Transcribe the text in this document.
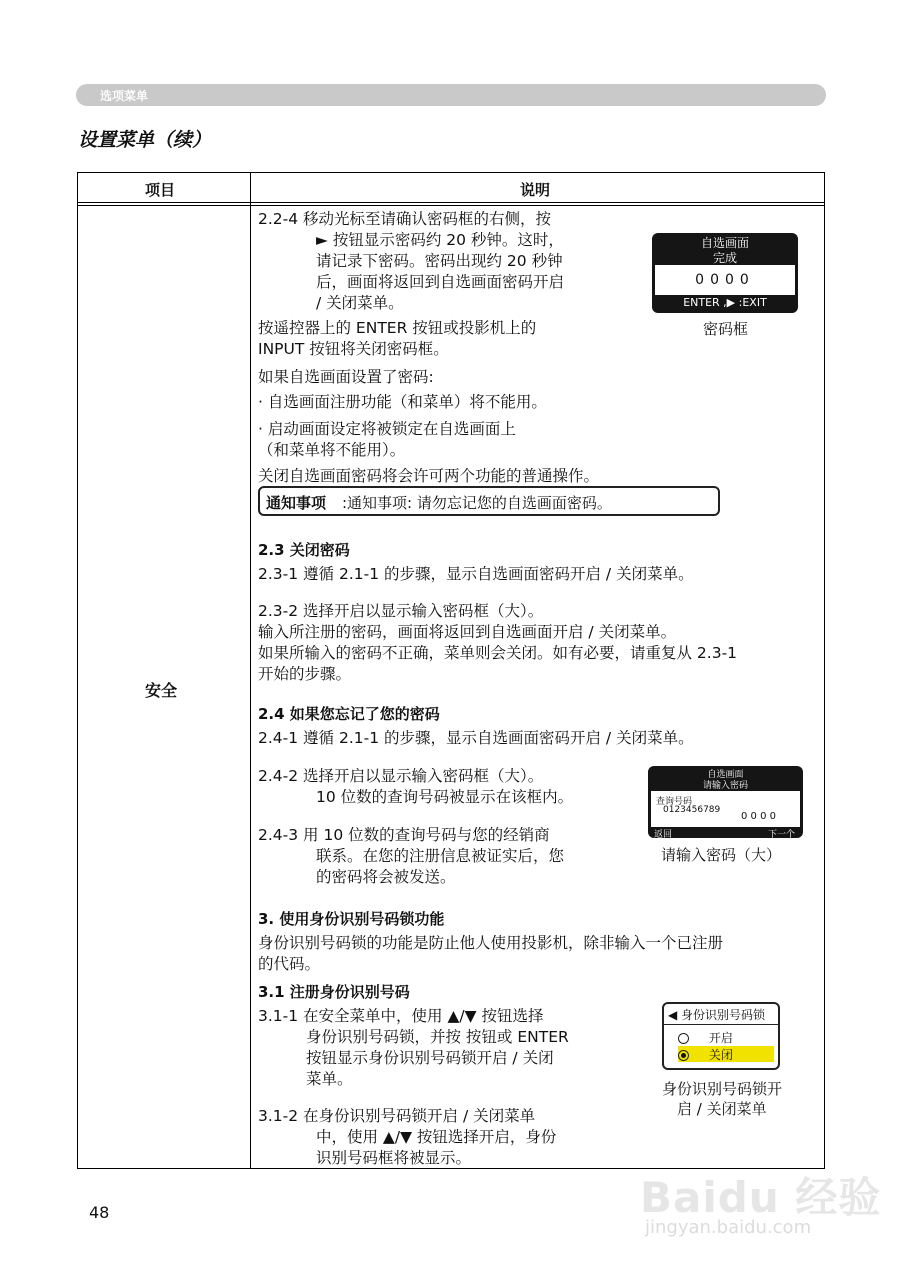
选项菜单
设置菜单（续）
项目	说明
安全
2.2-4 移动光标至请确认密码框的右侧，按
► 按钮显示密码约 20 秒钟。这时，
请记录下密码。密码出现约 20 秒钟
后，画面将返回到自选画面密码开启
/ 关闭菜单。
按遥控器上的 ENTER 按钮或投影机上的
INPUT 按钮将关闭密码框。
如果自选画面设置了密码:
· 自选画面注册功能（和菜单）将不能用。
· 启动画面设定将被锁定在自选画面上
（和菜单将不能用）。
关闭自选画面密码将会许可两个功能的普通操作。
通知事项 :通知事项: 请勿忘记您的自选画面密码。
自选画面
完成
0000
ENTER ,▶ :EXIT
密码框
2.3 关闭密码
2.3-1 遵循 2.1-1 的步骤，显示自选画面密码开启 / 关闭菜单。
2.3-2 选择开启以显示输入密码框（大）。
输入所注册的密码，画面将返回到自选画面开启 / 关闭菜单。
如果所输入的密码不正确，菜单则会关闭。如有必要，请重复从 2.3-1
开始的步骤。
2.4 如果您忘记了您的密码
2.4-1 遵循 2.1-1 的步骤，显示自选画面密码开启 / 关闭菜单。
2.4-2 选择开启以显示输入密码框（大）。
10 位数的查询号码被显示在该框内。
2.4-3 用 10 位数的查询号码与您的经销商
联系。在您的注册信息被证实后，您
的密码将会被发送。
自选画面
请输入密码
查询号码
0123456789
0 0 0 0
返回	下一个
请输入密码（大）
3. 使用身份识别号码锁功能
身份识别号码锁的功能是防止他人使用投影机，除非输入一个已注册
的代码。
3.1 注册身份识别号码
3.1-1 在安全菜单中，使用 ▲/▼ 按钮选择
身份识别号码锁，并按 按钮或 ENTER
按钮显示身份识别号码锁开启 / 关闭
菜单。
3.1-2 在身份识别号码锁开启 / 关闭菜单
中，使用 ▲/▼ 按钮选择开启，身份
识别号码框将被显示。
◀ 身份识别号码锁
开启
关闭
身份识别号码锁开
启 / 关闭菜单
48	Baidu 经验
jingyan.baidu.com
